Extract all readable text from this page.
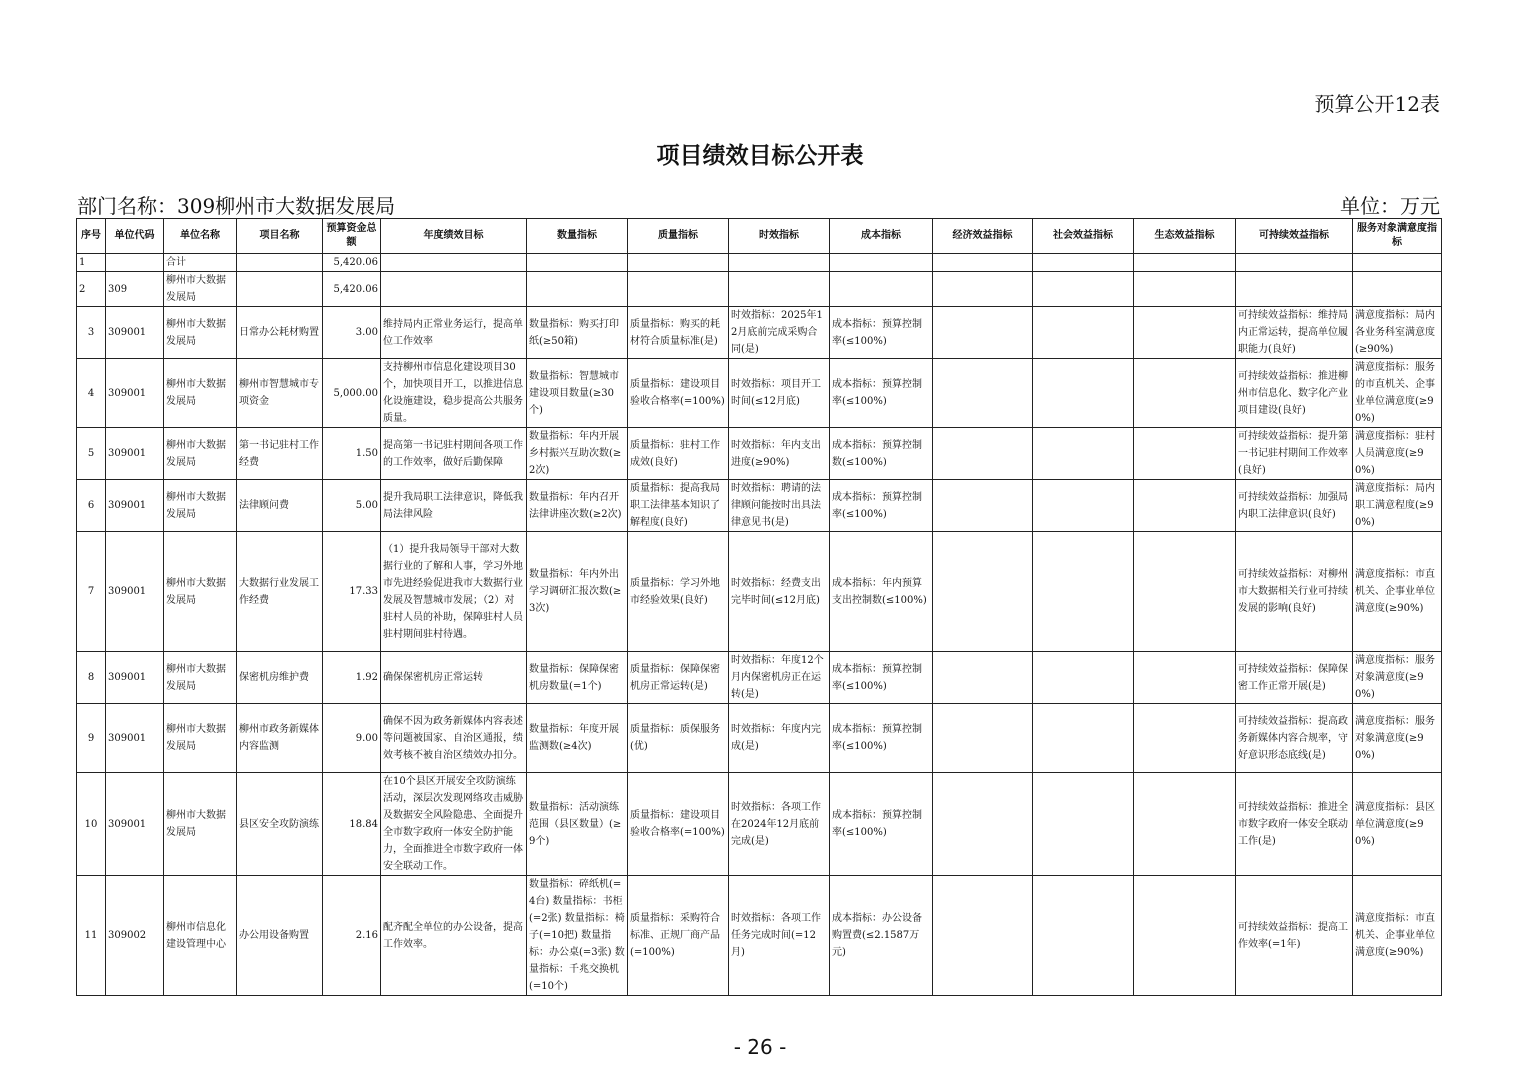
预算公开12表
项目绩效目标公开表
部门名称：309柳州市大数据发展局	单位：万元
序号	单位代码	单位名称	项目名称	预算资金总额	年度绩效目标	数量指标	质量指标	时效指标	成本指标	经济效益指标	社会效益指标	生态效益指标	可持续效益指标	服务对象满意度指标
1		合计		5,420.06										
2	309	柳州市大数据发展局		5,420.06										
3	309001	柳州市大数据发展局	日常办公耗材购置	3.00	维持局内正常业务运行，提高单位工作效率	数量指标：购买打印纸(≥50箱)	质量指标：购买的耗材符合质量标准(是)	时效指标：2025年12月底前完成采购合同(是)	成本指标：预算控制率(≤100%)				可持续效益指标：维持局内正常运转，提高单位履职能力(良好)	满意度指标：局内各业务科室满意度(≥90%)
4	309001	柳州市大数据发展局	柳州市智慧城市专项资金	5,000.00	支持柳州市信息化建设项目30个，加快项目开工，以推进信息化设施建设，稳步提高公共服务质量。	数量指标：智慧城市建设项目数量(≥30个)	质量指标：建设项目验收合格率(=100%)	时效指标：项目开工时间(≤12月底)	成本指标：预算控制率(≤100%)				可持续效益指标：推进柳州市信息化、数字化产业项目建设(良好)	满意度指标：服务的市直机关、企事业单位满意度(≥90%)
5	309001	柳州市大数据发展局	第一书记驻村工作经费	1.50	提高第一书记驻村期间各项工作的工作效率，做好后勤保障	数量指标：年内开展乡村振兴互助次数(≥2次)	质量指标：驻村工作成效(良好)	时效指标：年内支出进度(≥90%)	成本指标：预算控制数(≤100%)				可持续效益指标：提升第一书记驻村期间工作效率(良好)	满意度指标：驻村人员满意度(≥90%)
6	309001	柳州市大数据发展局	法律顾问费	5.00	提升我局职工法律意识，降低我局法律风险	数量指标：年内召开法律讲座次数(≥2次)	质量指标：提高我局职工法律基本知识了解程度(良好)	时效指标：聘请的法律顾问能按时出具法律意见书(是)	成本指标：预算控制率(≤100%)				可持续效益指标：加强局内职工法律意识(良好)	满意度指标：局内职工满意程度(≥90%)
7	309001	柳州市大数据发展局	大数据行业发展工作经费	17.33	（1）提升我局领导干部对大数据行业的了解和人事，学习外地市先进经验促进我市大数据行业发展及智慧城市发展；（2）对驻村人员的补助，保障驻村人员驻村期间驻村待遇。	数量指标：年内外出学习调研汇报次数(≥3次)	质量指标：学习外地市经验效果(良好)	时效指标：经费支出完毕时间(≤12月底)	成本指标：年内预算支出控制数(≤100%)				可持续效益指标：对柳州市大数据相关行业可持续发展的影响(良好)	满意度指标：市直机关、企事业单位满意度(≥90%)
8	309001	柳州市大数据发展局	保密机房维护费	1.92	确保保密机房正常运转	数量指标：保障保密机房数量(=1个)	质量指标：保障保密机房正常运转(是)	时效指标：年度12个月内保密机房正在运转(是)	成本指标：预算控制率(≤100%)				可持续效益指标：保障保密工作正常开展(是)	满意度指标：服务对象满意度(≥90%)
9	309001	柳州市大数据发展局	柳州市政务新媒体内容监测	9.00	确保不因为政务新媒体内容表述等问题被国家、自治区通报，绩效考核不被自治区绩效办扣分。	数量指标：年度开展监测数(≥4次)	质量指标：质保服务(优)	时效指标：年度内完成(是)	成本指标：预算控制率(≤100%)				可持续效益指标：提高政务新媒体内容合规率，守好意识形态底线(是)	满意度指标：服务对象满意度(≥90%)
10	309001	柳州市大数据发展局	县区安全攻防演练	18.84	在10个县区开展安全攻防演练活动，深层次发现网络攻击威胁及数据安全风险隐患、全面提升全市数字政府一体安全防护能力，全面推进全市数字政府一体安全联动工作。	数量指标：活动演练范围（县区数量）(≥9个)	质量指标：建设项目验收合格率(=100%)	时效指标：各项工作在2024年12月底前完成(是)	成本指标：预算控制率(≤100%)				可持续效益指标：推进全市数字政府一体安全联动工作(是)	满意度指标：县区单位满意度(≥90%)
11	309002	柳州市信息化建设管理中心	办公用设备购置	2.16	配齐配全单位的办公设备，提高工作效率。	数量指标：碎纸机(=4台) 数量指标：书柜(=2张) 数量指标：椅子(=10把) 数量指标：办公桌(=3张) 数量指标：千兆交换机(=10个)	质量指标：采购符合标准、正规厂商产品(=100%)	时效指标：各项工作任务完成时间(=12月)	成本指标：办公设备购置费(≤2.1587万元)				可持续效益指标：提高工作效率(=1年)	满意度指标：市直机关、企事业单位满意度(≥90%)
- 26 -
